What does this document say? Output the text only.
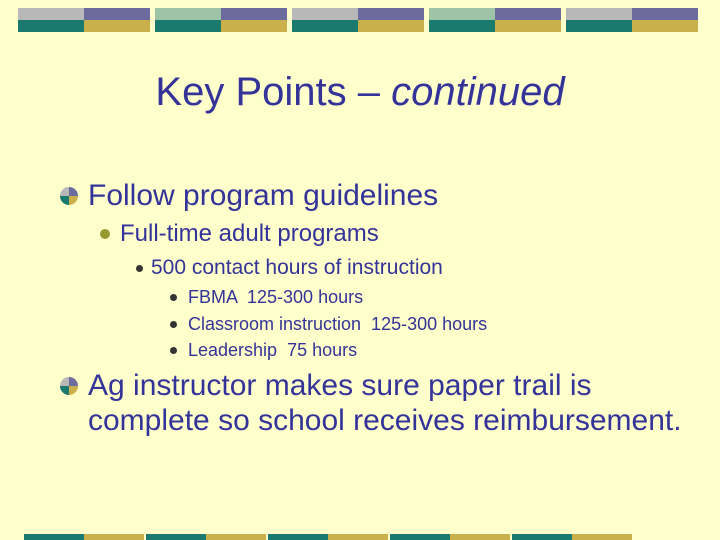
Key Points – continued
Follow program guidelines
Full-time adult programs
500 contact hours of instruction
FBMA  125-300 hours
Classroom instruction  125-300 hours
Leadership  75 hours
Ag instructor makes sure paper trail is complete so school receives reimbursement.
